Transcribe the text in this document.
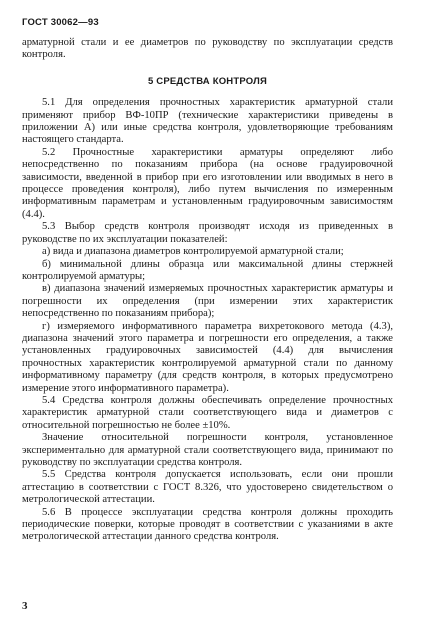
ГОСТ 30062—93

арматурной стали и ее диаметров по руководству по эксплуатации средств контроля.

5 СРЕДСТВА КОНТРОЛЯ

5.1 Для определения прочностных характеристик арматурной стали применяют прибор ВФ-10ПР (технические характеристики приведены в приложении А) или иные средства контроля, удовлетворяющие требованиям настоящего стандарта.

5.2 Прочностные характеристики арматуры определяют либо непосредственно по показаниям прибора (на основе градуировочной зависимости, введенной в прибор при его изготовлении или вводимых в него в процессе проведения контроля), либо путем вычисления по измеренным информативным параметрам и установленным градуировочным зависимостям (4.4).

5.3 Выбор средств контроля производят исходя из приведенных в руководстве по их эксплуатации показателей:

а) вида и диапазона диаметров контролируемой арматурной стали;

б) минимальной длины образца или максимальной длины стержней контролируемой арматуры;

в) диапазона значений измеряемых прочностных характеристик арматуры и погрешности их определения (при измерении этих характеристик непосредственно по показаниям прибора);

г) измеряемого информативного параметра вихретокового метода (4.3), диапазона значений этого параметра и погрешности его определения, а также установленных градуировочных зависимостей (4.4) для вычисления прочностных характеристик контролируемой арматурной стали по данному информативному параметру (для средств контроля, в которых предусмотрено измерение этого информативного параметра).

5.4 Средства контроля должны обеспечивать определение прочностных характеристик арматурной стали соответствующего вида и диаметров с относительной погрешностью не более ±10%.

Значение относительной погрешности контроля, установленное экспериментально для арматурной стали соответствующего вида, принимают по руководству по эксплуатации средства контроля.

5.5 Средства контроля допускается использовать, если они прошли аттестацию в соответствии с ГОСТ 8.326, что удостоверено свидетельством о метрологической аттестации.

5.6 В процессе эксплуатации средства контроля должны проходить периодические поверки, которые проводят в соответствии с указаниями в акте метрологической аттестации данного средства контроля.

3
